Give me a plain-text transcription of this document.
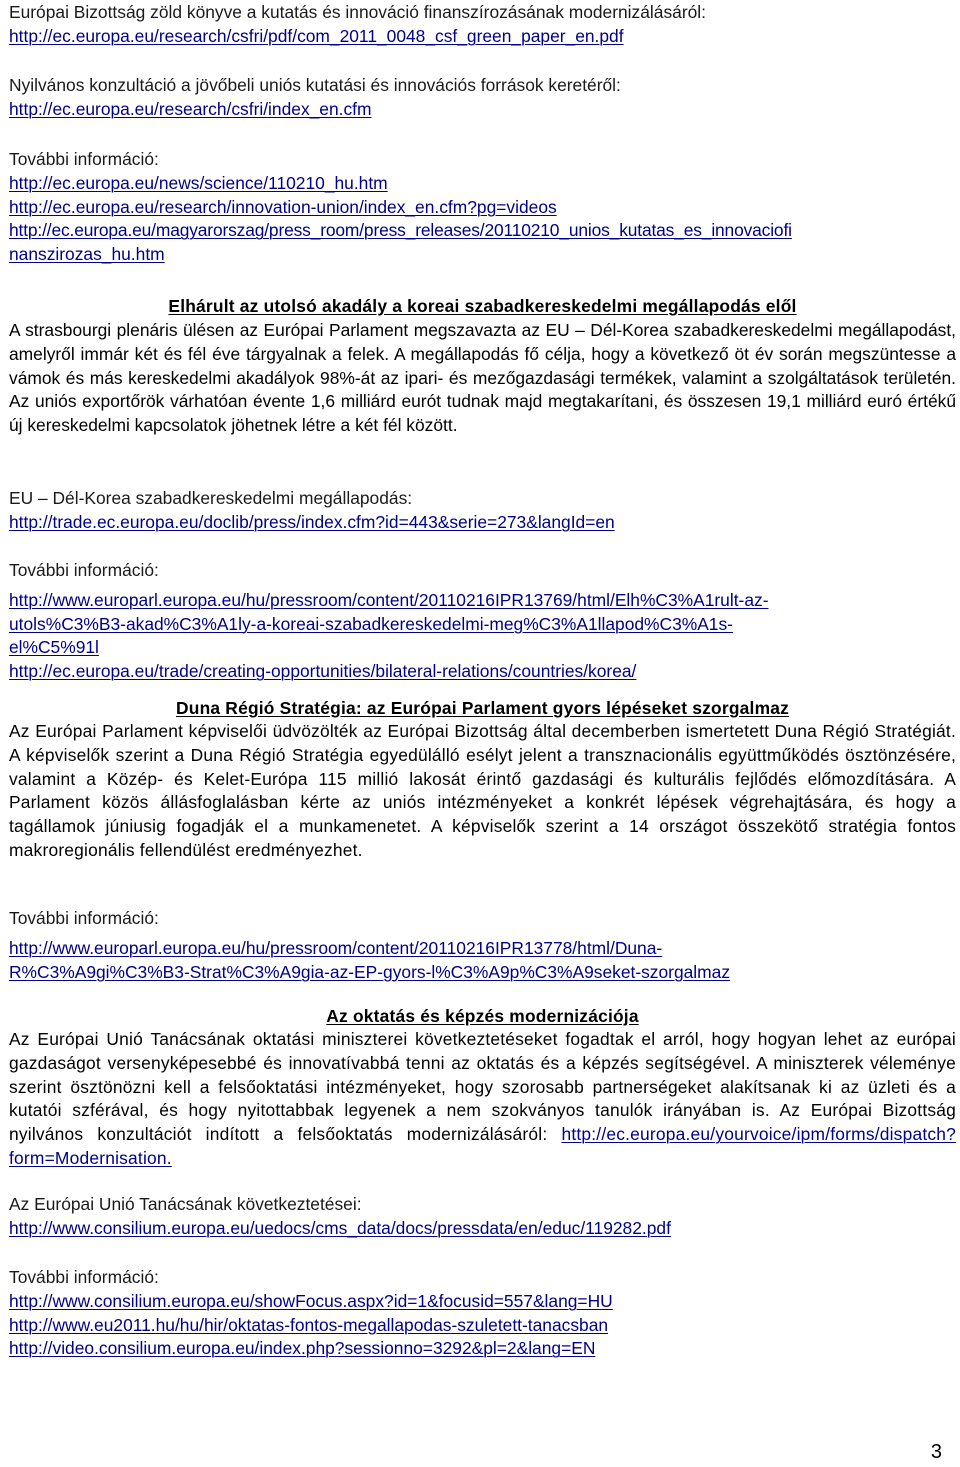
Európai Bizottság zöld könyve a kutatás és innováció finanszírozásának modernizálásáról:
http://ec.europa.eu/research/csfri/pdf/com_2011_0048_csf_green_paper_en.pdf
Nyilvános konzultáció a jövőbeli uniós kutatási és innovációs források keretéről:
http://ec.europa.eu/research/csfri/index_en.cfm
További információ:
http://ec.europa.eu/news/science/110210_hu.htm
http://ec.europa.eu/research/innovation-union/index_en.cfm?pg=videos
http://ec.europa.eu/magyarorszag/press_room/press_releases/20110210_unios_kutatas_es_innovaciofi
nanszirozas_hu.htm
Elhárult az utolsó akadály a koreai szabadkereskedelmi megállapodás elől
A strasbourgi plenáris ülésen az Európai Parlament megszavazta az EU – Dél-Korea szabadkereskedelmi megállapodást, amelyről immár két és fél éve tárgyalnak a felek. A megállapodás fő célja, hogy a következő öt év során megszüntesse a vámok és más kereskedelmi akadályok 98%-át az ipari- és mezőgazdasági termékek, valamint a szolgáltatások területén. Az uniós exportőrök várhatóan évente 1,6 milliárd eurót tudnak majd megtakarítani, és összesen 19,1 milliárd euró értékű új kereskedelmi kapcsolatok jöhetnek létre a két fél között.
EU – Dél-Korea szabadkereskedelmi megállapodás:
http://trade.ec.europa.eu/doclib/press/index.cfm?id=443&serie=273&langId=en
További információ:
http://www.europarl.europa.eu/hu/pressroom/content/20110216IPR13769/html/Elh%C3%A1rult-az-
utols%C3%B3-akad%C3%A1ly-a-koreai-szabadkereskedelmi-meg%C3%A1llapod%C3%A1s-
el%C5%91l
http://ec.europa.eu/trade/creating-opportunities/bilateral-relations/countries/korea/
Duna Régió Stratégia: az Európai Parlament gyors lépéseket szorgalmaz
Az Európai Parlament képviselői üdvözölték az Európai Bizottság által decemberben ismertetett Duna Régió Stratégiát. A képviselők szerint a Duna Régió Stratégia egyedülálló esélyt jelent a transznacionális együttműködés ösztönzésére, valamint a Közép- és Kelet-Európa 115 millió lakosát érintő gazdasági és kulturális fejlődés előmozdítására. A Parlament közös állásfoglalásban kérte az uniós intézményeket a konkrét lépések végrehajtására, és hogy a tagállamok júniusig fogadják el a munkamenetet. A képviselők szerint a 14 országot összekötő stratégia fontos makroregionális fellendülést eredményezhet.
További információ:
http://www.europarl.europa.eu/hu/pressroom/content/20110216IPR13778/html/Duna-
R%C3%A9gi%C3%B3-Strat%C3%A9gia-az-EP-gyors-l%C3%A9p%C3%A9seket-szorgalmaz
Az oktatás és képzés modernizációja
Az Európai Unió Tanácsának oktatási miniszterei következtetéseket fogadtak el arról, hogy hogyan lehet az európai gazdaságot versenyképesebbé és innovatívabbá tenni az oktatás és a képzés segítségével. A miniszterek véleménye szerint ösztönözni kell a felsőoktatási intézményeket, hogy szorosabb partnerségeket alakítsanak ki az üzleti és a kutatói szférával, és hogy nyitottabbak legyenek a nem szokványos tanulók irányában is. Az Európai Bizottság nyilvános konzultációt indított a felsőoktatás modernizálásáról: http://ec.europa.eu/yourvoice/ipm/forms/dispatch?form=Modernisation.
Az Európai Unió Tanácsának következtetései:
http://www.consilium.europa.eu/uedocs/cms_data/docs/pressdata/en/educ/119282.pdf
További információ:
http://www.consilium.europa.eu/showFocus.aspx?id=1&focusid=557&lang=HU
http://www.eu2011.hu/hu/hir/oktatas-fontos-megallapodas-szuletett-tanacsban
http://video.consilium.europa.eu/index.php?sessionno=3292&pl=2&lang=EN
3
